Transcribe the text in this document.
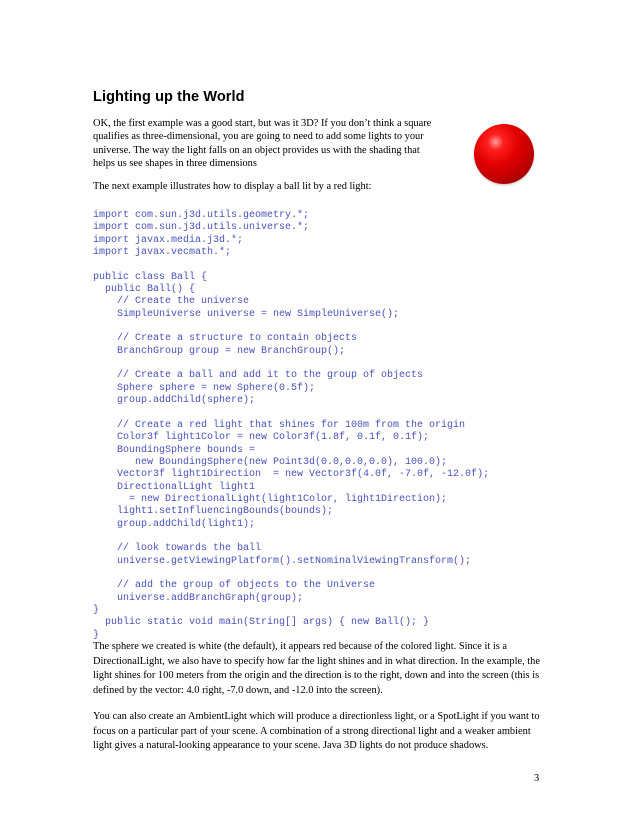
Lighting up the World

OK, the first example was a good start, but was it 3D? If you don’t think a square
qualifies as three-dimensional, you are going to need to add some lights to your
universe. The way the light falls on an object provides us with the shading that
helps us see shapes in three dimensions

The next example illustrates how to display a ball lit by a red light:
import com.sun.j3d.utils.geometry.*;
import com.sun.j3d.utils.universe.*;
import javax.media.j3d.*;
import javax.vecmath.*;
public class Ball {
public Ball() {
// Create the universe
SimpleUniverse universe = new SimpleUniverse();
// Create a structure to contain objects
BranchGroup group = new BranchGroup();
// Create a ball and add it to the group of objects
Sphere sphere = new Sphere(0.5f);
group.addChild(sphere);
// Create a red light that shines for 100m from the origin
Color3f light1Color = new Color3f(1.8f, 0.1f, 0.1f);
BoundingSphere bounds =
new BoundingSphere(new Point3d(0.0,0.0,0.0), 100.0);
Vector3f light1Direction  = new Vector3f(4.0f, -7.0f, -12.0f);
DirectionalLight light1
= new DirectionalLight(light1Color, light1Direction);
light1.setInfluencingBounds(bounds);
group.addChild(light1);
// look towards the ball
universe.getViewingPlatform().setNominalViewingTransform();
// add the group of objects to the Universe
universe.addBranchGraph(group);
}
public static void main(String[] args) { new Ball(); }
}

The sphere we created is white (the default), it appears red because of the colored light. Since it is a
DirectionalLight, we also have to specify how far the light shines and in what direction. In the example, the
light shines for 100 meters from the origin and the direction is to the right, down and into the screen (this is
defined by the vector: 4.0 right, -7.0 down, and -12.0 into the screen).

You can also create an AmbientLight which will produce a directionless light, or a SpotLight if you want to
focus on a particular part of your scene. A combination of a strong directional light and a weaker ambient
light gives a natural-looking appearance to your scene. Java 3D lights do not produce shadows.

3
